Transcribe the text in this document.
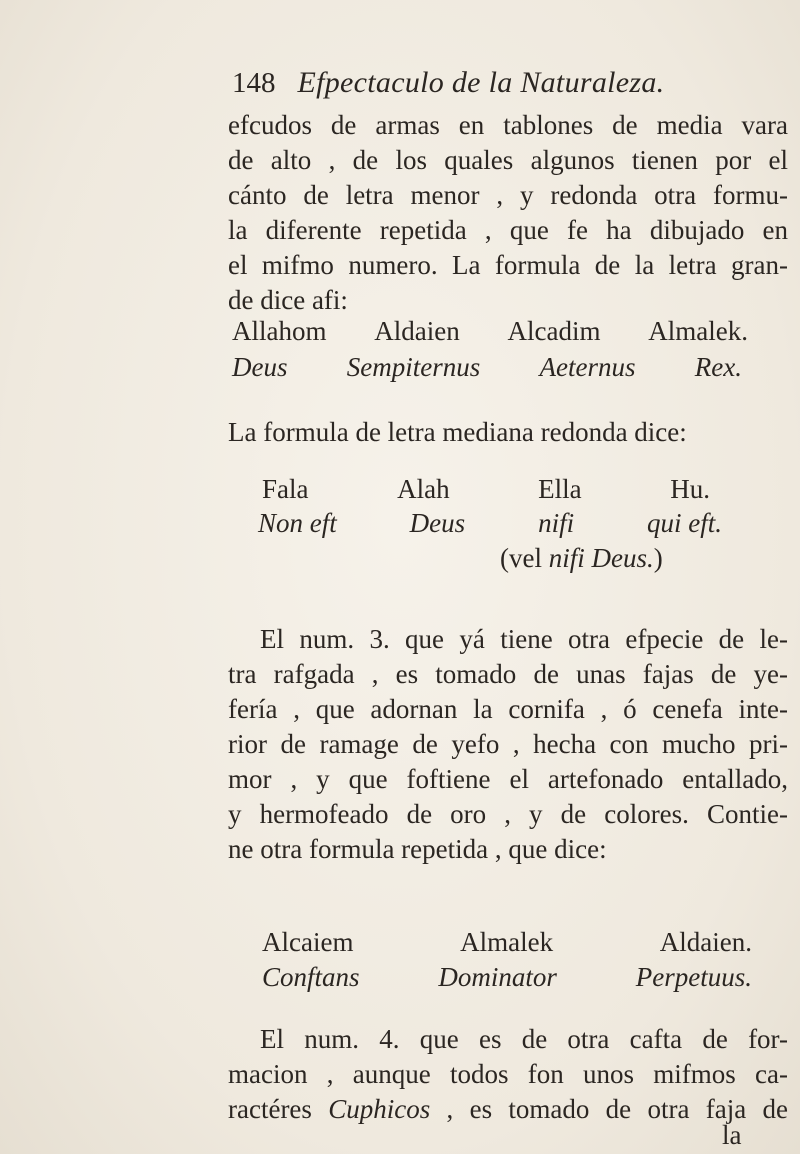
148 Efpectaculo de la Naturaleza.
efcudos de armas en tablones de media vara
de alto , de los quales algunos tienen por el
cánto de letra menor , y redonda otra formu-
la diferente repetida , que fe ha dibujado en
el mifmo numero. La formula de la letra gran-
de dice afi:
Allahom Aldaien Alcadim Almalek.
Deus Sempiternus Aeternus Rex.
La formula de letra mediana redonda dice:
Fala	Alah	Ella	Hu.
Non eft	Deus	nifi	qui eft.
(vel nifi Deus. )
El num. 3. que yá tiene otra efpecie de le-
tra rafgada , es tomado de unas fajas de ye-
fería , que adornan la cornifa , ó cenefa inte-
rior de ramage de yefo , hecha con mucho pri-
mor , y que foftiene el artefonado entallado,
y hermofeado de oro , y de colores. Contie-
ne otra formula repetida , que dice:
Alcaiem	Almalek	Aldaien.
Conftans	Dominator	Perpetuus.
El num. 4. que es de otra cafta de for-
macion , aunque todos fon unos mifmos ca-
ractéres Cuphicos , es tomado de otra faja de
la
